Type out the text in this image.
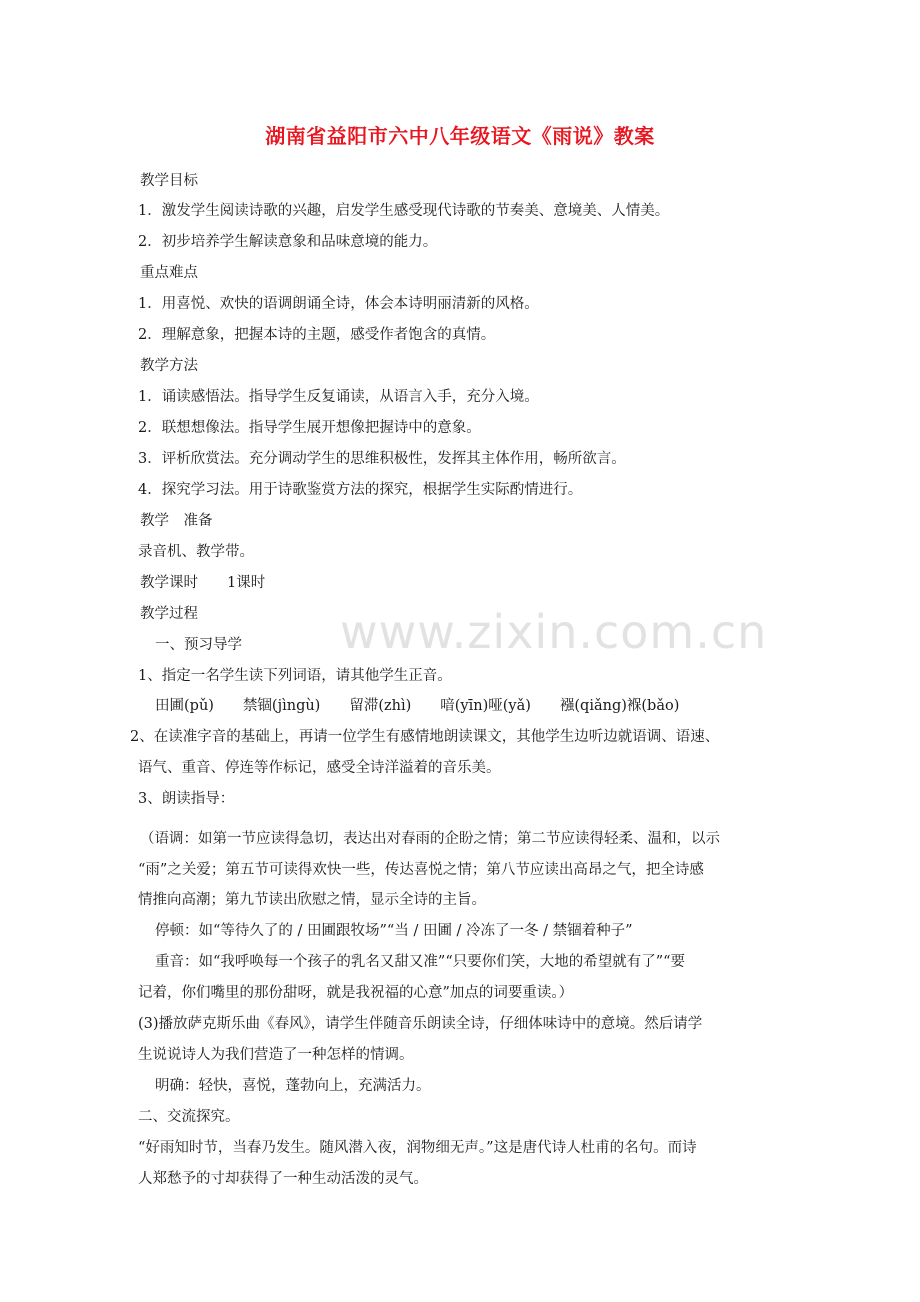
湖南省益阳市六中八年级语文《雨说》教案
www.zixin.com.cn
教学目标
1．激发学生阅读诗歌的兴趣，启发学生感受现代诗歌的节奏美、意境美、人情美。
2．初步培养学生解读意象和品味意境的能力。
重点难点
1．用喜悦、欢快的语调朗诵全诗，体会本诗明丽清新的风格。
2．理解意象，把握本诗的主题，感受作者饱含的真情。
教学方法
1．诵读感悟法。指导学生反复诵读，从语言入手，充分入境。
2．联想想像法。指导学生展开想像把握诗中的意象。
3．评析欣赏法。充分调动学生的思维积极性，发挥其主体作用，畅所欲言。
4．探究学习法。用于诗歌鉴赏方法的探究，根据学生实际酌情进行。
教学　准备
录音机、教学带。
教学课时　　1课时
教学过程
一、预习导学
1、指定一名学生读下列词语，请其他学生正音。
田圃(pǔ)　　禁锢(jìngù)　　留滞(zhì)　　喑(yīn)哑(yǎ)　　襁(qiǎng)褓(bǎo)
2、在读准字音的基础上，再请一位学生有感情地朗读课文，其他学生边听边就语调、语速、
语气、重音、停连等作标记，感受全诗洋溢着的音乐美。
3、朗读指导：
（语调：如第一节应读得急切，表达出对春雨的企盼之情；第二节应读得轻柔、温和，以示
“雨”之关爱；第五节可读得欢快一些，传达喜悦之情；第八节应读出高昂之气，把全诗感
情推向高潮；第九节读出欣慰之情，显示全诗的主旨。
停顿：如“等待久了的 / 田圃跟牧场”“当 / 田圃 / 冷冻了一冬 / 禁锢着种子”
重音：如“我呼唤每一个孩子的乳名又甜又准”“只要你们笑，大地的希望就有了”“要
记着，你们嘴里的那份甜呀，就是我祝福的心意”加点的词要重读。）
(3)播放萨克斯乐曲《春风》，请学生伴随音乐朗读全诗，仔细体味诗中的意境。然后请学
生说说诗人为我们营造了一种怎样的情调。
明确：轻快，喜悦，蓬勃向上，充满活力。
二、交流探究。
“好雨知时节，当春乃发生。随风潜入夜，润物细无声。”这是唐代诗人杜甫的名句。而诗
人郑愁予的寸却获得了一种生动活泼的灵气。
